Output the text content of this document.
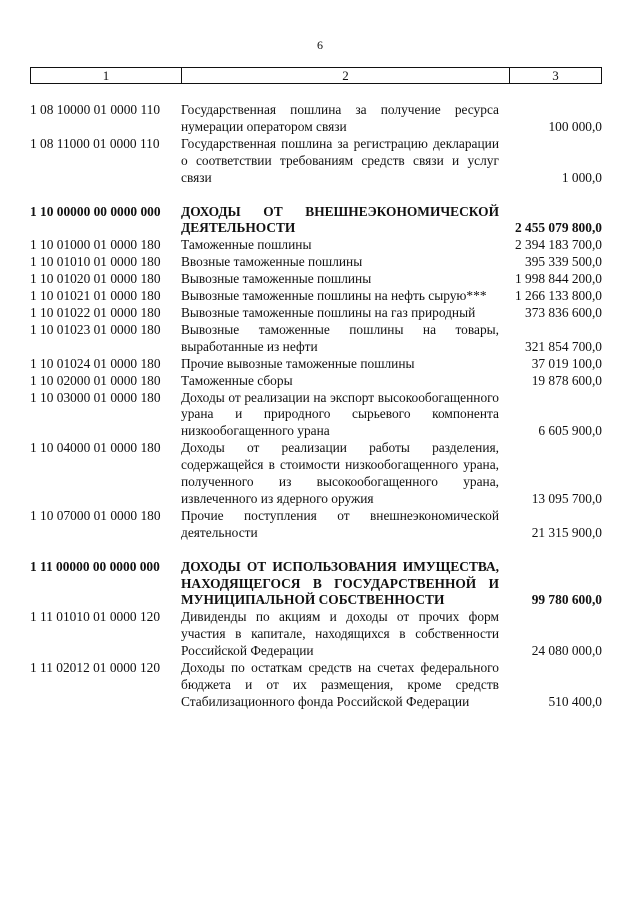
6
1	2	3
1 08 10000 01 0000 110	Государственная пошлина за получение ресурса нумерации оператором связи	100 000,0
1 08 11000 01 0000 110	Государственная пошлина за регистрацию декларации о соответствии требованиям средств связи и услуг связи	1 000,0
1 10 00000 00 0000 000	ДОХОДЫ ОТ ВНЕШНЕЭКОНОМИЧЕСКОЙ ДЕЯТЕЛЬНОСТИ	2 455 079 800,0
1 10 01000 01 0000 180	Таможенные пошлины	2 394 183 700,0
1 10 01010 01 0000 180	Ввозные таможенные пошлины	395 339 500,0
1 10 01020 01 0000 180	Вывозные таможенные пошлины	1 998 844 200,0
1 10 01021 01 0000 180	Вывозные таможенные пошлины на нефть сырую***	1 266 133 800,0
1 10 01022 01 0000 180	Вывозные таможенные пошлины на газ природный	373 836 600,0
1 10 01023 01 0000 180	Вывозные таможенные пошлины на товары, выработанные из нефти	321 854 700,0
1 10 01024 01 0000 180	Прочие вывозные таможенные пошлины	37 019 100,0
1 10 02000 01 0000 180	Таможенные сборы	19 878 600,0
1 10 03000 01 0000 180	Доходы от реализации на экспорт высокообогащенного урана и природного сырьевого компонента низкообогащенного урана	6 605 900,0
1 10 04000 01 0000 180	Доходы от реализации работы разделения, содержащейся в стоимости низкообогащенного урана, полученного из высокообогащенного урана, извлеченного из ядерного оружия	13 095 700,0
1 10 07000 01 0000 180	Прочие поступления от внешнеэкономической деятельности	21 315 900,0
1 11 00000 00 0000 000	ДОХОДЫ ОТ ИСПОЛЬЗОВАНИЯ ИМУЩЕСТВА, НАХОДЯЩЕГОСЯ В ГОСУДАРСТВЕННОЙ И МУНИЦИПАЛЬНОЙ СОБСТВЕННОСТИ	99 780 600,0
1 11 01010 01 0000 120	Дивиденды по акциям и доходы от прочих форм участия в капитале, находящихся в собственности Российской Федерации	24 080 000,0
1 11 02012 01 0000 120	Доходы по остаткам средств на счетах федерального бюджета и от их размещения, кроме средств Стабилизационного фонда Российской Федерации	510 400,0
